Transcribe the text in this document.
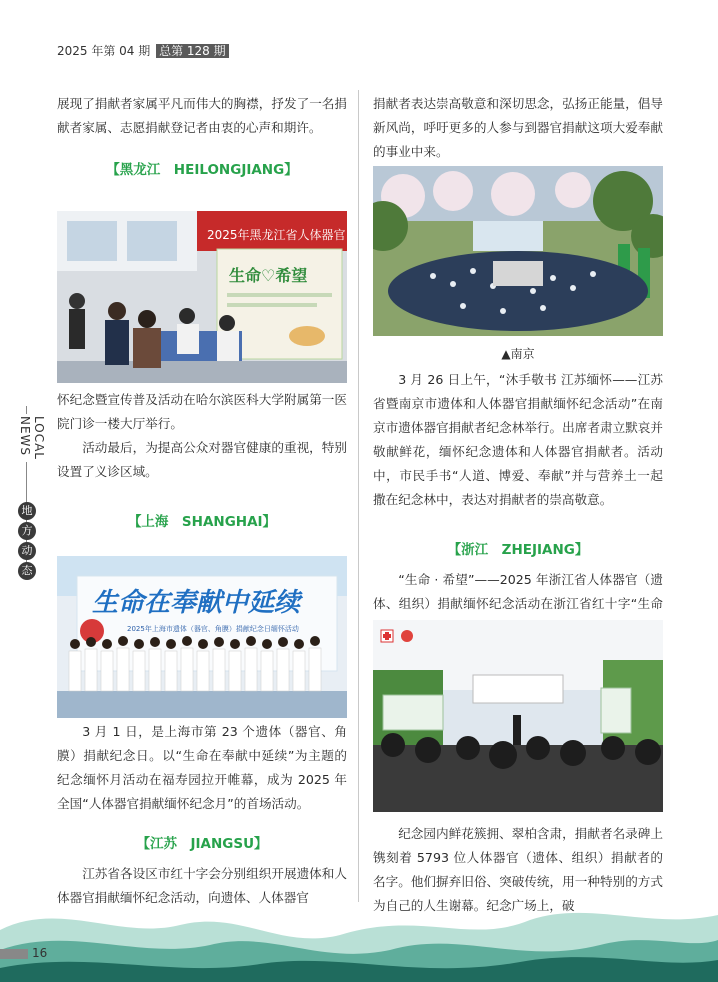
2025 年第 04 期 总第 128 期

展现了捐献者家属平凡而伟大的胸襟，抒发了一名捐献者家属、志愿捐献登记者由衷的心声和期许。

【黑龙江　HEILONGJIANG】

怀纪念暨宣传普及活动在哈尔滨医科大学附属第一医院门诊一楼大厅举行。

活动最后，为提高公众对器官健康的重视，特别设置了义诊区域。

【上海　SHANGHAI】

3 月 1 日，是上海市第 23 个遗体（器官、角膜）捐献纪念日。以“生命在奉献中延续”为主题的纪念缅怀月活动在福寿园拉开帷幕，成为 2025 年全国“人体器官捐献缅怀纪念月”的首场活动。

【江苏　JIANGSU】

江苏省各设区市红十字会分别组织开展遗体和人体器官捐献缅怀纪念活动，向遗体、人体器官

2025年黑龙江省人体器官
生命♡希望
生命在奉献中延续
2025年上海市遗体（器官、角膜）捐献纪念日缅怀活动

捐献者表达崇高敬意和深切思念，弘扬正能量，倡导新风尚，呼吁更多的人参与到器官捐献这项大爱奉献的事业中来。

▲南京

3 月 26 日上午，“沐手敬书 江苏缅怀——江苏省暨南京市遗体和人体器官捐献缅怀纪念活动”在南京市遗体器官捐献者纪念林举行。出席者肃立默哀并敬献鲜花，缅怀纪念遗体和人体器官捐献者。活动中，市民手书“人道、博爱、奉献”并与营养土一起撒在纪念林中，表达对捐献者的崇高敬意。

【浙江　ZHEJIANG】

“生命 · 希望”——2025 年浙江省人体器官（遗体、组织）捐献缅怀纪念活动在浙江省红十字“生命

纪念园内鲜花簇拥、翠柏含肃，捐献者名录碑上镌刻着 5793 位人体器官（遗体、组织）捐献者的名字。他们摒弃旧俗、突破传统，用一种特别的方式为自己的人生谢幕。纪念广场上，破

LOCAL NEWS
地
方
动
态
16
